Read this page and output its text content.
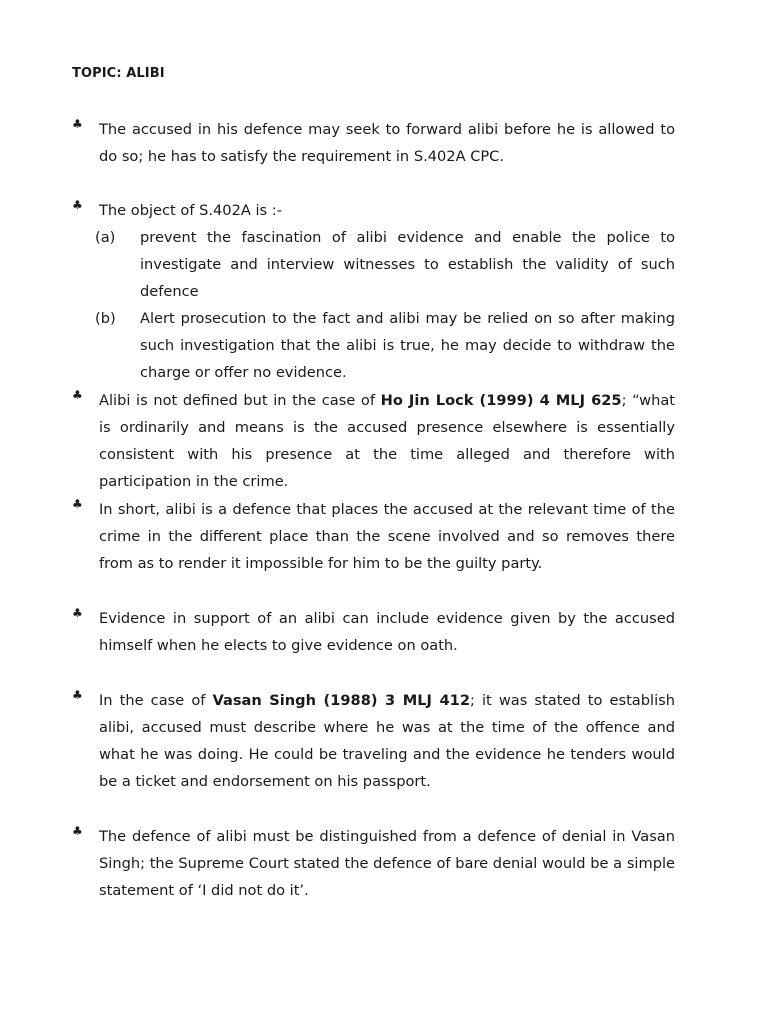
TOPIC: ALIBI
♣ The accused in his defence may seek to forward alibi before he is allowed to do so; he has to satisfy the requirement in S.402A CPC.

♣ The object of S.402A is :-

(a) prevent the fascination of alibi evidence and enable the police to investigate and interview witnesses to establish the validity of such defence

(b) Alert prosecution to the fact and alibi may be relied on so after making such investigation that the alibi is true, he may decide to withdraw the charge or offer no evidence.

♣ Alibi is not defined but in the case of Ho Jin Lock (1999) 4 MLJ 625; “what is ordinarily and means is the accused presence elsewhere is essentially consistent with his presence at the time alleged and therefore with participation in the crime.

♣ In short, alibi is a defence that places the accused at the relevant time of the crime in the different place than the scene involved and so removes there from as to render it impossible for him to be the guilty party.

♣ Evidence in support of an alibi can include evidence given by the accused himself when he elects to give evidence on oath.

♣ In the case of Vasan Singh (1988) 3 MLJ 412; it was stated to establish alibi, accused must describe where he was at the time of the offence and what he was doing. He could be traveling and the evidence he tenders would be a ticket and endorsement on his passport.

♣ The defence of alibi must be distinguished from a defence of denial in Vasan Singh; the Supreme Court stated the defence of bare denial would be a simple statement of ‘I did not do it’.
